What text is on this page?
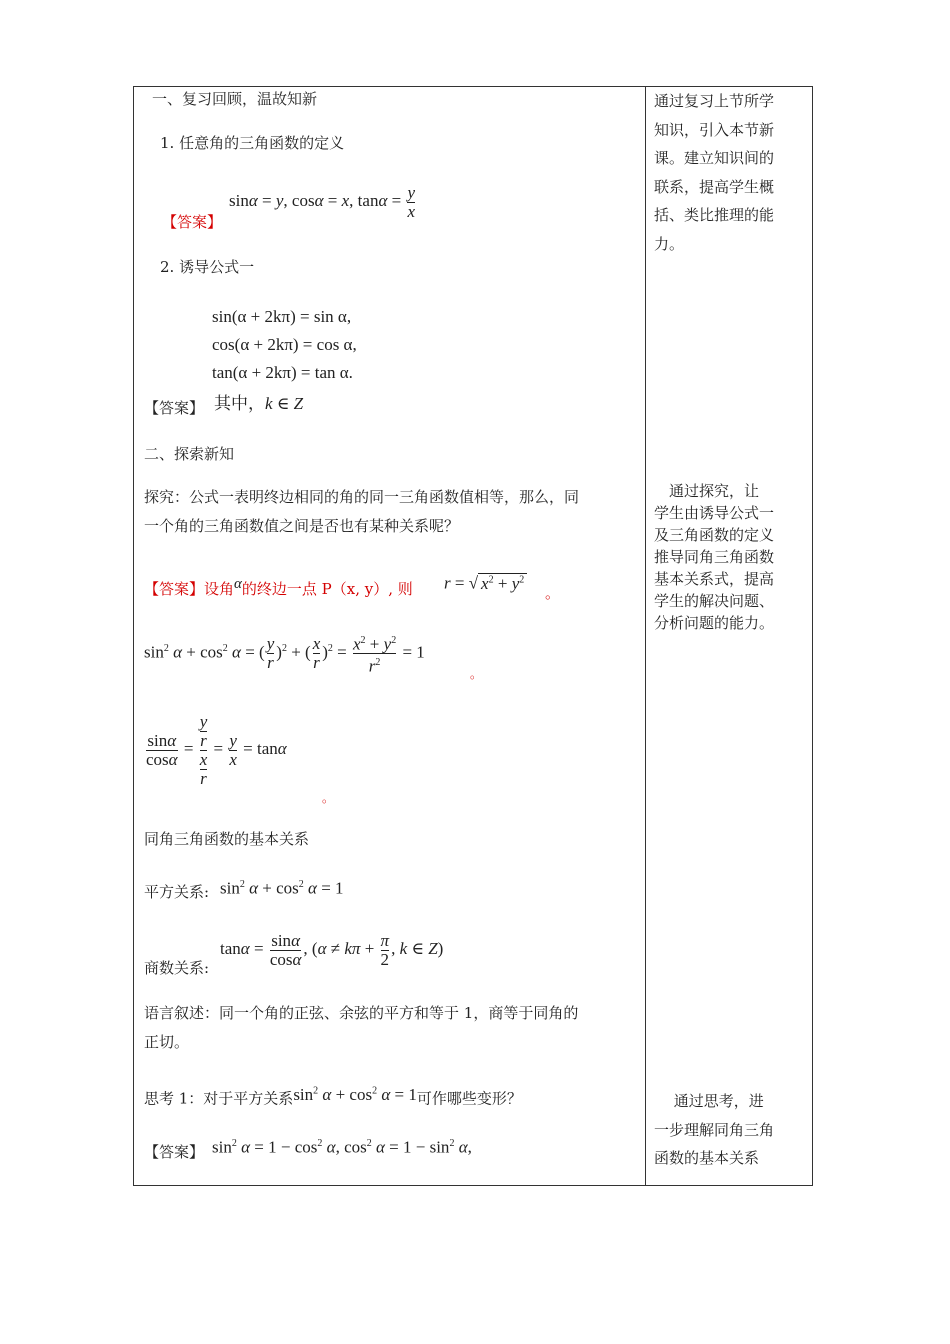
一、复习回顾，温故知新
1. 任意角的三角函数的定义
sinα = y, cosα = x, $\tan\alpha = \frac{y}{x}$
【答案】
2. 诱导公式一
sin(α + 2kπ) = sin α,
cos(α + 2kπ) = cos α,
tan(α + 2kπ) = tan α.
【答案】 其中，k ∈ Z
二、探索新知
探究：公式一表明终边相同的角的同一三角函数值相等，那么，同
一个角的三角函数值之间是否也有某种关系呢？
【答案】设角α的终边一点 P（x, y）, 则 r = √ $x^2 + y^2$
。
$\sin^2 \alpha + \cos^2 \alpha$ = ( $\frac{y}{r} )^2$ + ( $\frac{x}{r} )^2 = \frac{x^2 + y^2}{r^2} = 1$
。
$\frac{\sin\alpha}{\cos\alpha} = \frac{\frac{y}{r}}{\frac{x}{r}} = \frac{y}{x} = \tan\alpha$
。
同角三角函数的基本关系
平方关系: $\sin^2 \alpha + \cos^2 \alpha = 1$
商数关系:
$\tan\alpha = \frac{\sin\alpha}{\cos\alpha}$ , ($\alpha \ne k\pi + \frac{\pi}{2}$ , k ∈ Z)
语言叙述：同一个角的正弦、余弦的平方和等于 1，商等于同角的
正切。
思考 1：对于平方关系$\sin^2 \alpha + \cos^2 \alpha = 1$可作哪些变形？
【答案】 $\sin^2 \alpha = 1 - \cos^2 \alpha$, $\cos^2 \alpha = 1 - \sin^2 \alpha$,
通过复习上节所学
知识，引入本节新
课。建立知识间的
联系，提高学生概
括、类比推理的能
力。
　通过探究，让
学生由诱导公式一
及三角函数的定义
推导同角三角函数
基本关系式，提高
学生的解决问题、
分析问题的能力。
　 通过思考，进
一步理解同角三角
函数的基本关系
